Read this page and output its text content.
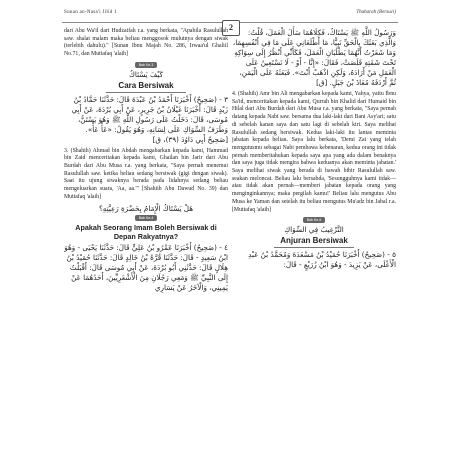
Sunan an-Nasa'i Jilid 1	Thaharah (Bersuci)
2

dari Abu Wa'il dari Hudzaifah r.a. yang berkata, "Apabila Rasulullah saw. shalat malam maka beliau menggosok mulutnya dengan siwak (terlebih dahulu)." [Sunan Ibnu Majah No. 286, Irwaa'ul Ghaliil No.71, dan Muttafaq 'alaih]

Bab Ke-3
كَيْفَ يَسْتَاكُ
Cara Bersiwak
٣ - (صَحِيحٌ) أَخْبَرَنَا أَحْمَدُ بْنُ عَبْدَةَ قَالَ: حَدَّثَنَا حَمَّادُ بْنُ زَيْدٍ قَالَ: أَخْبَرَنَا غَيْلَانُ بْنُ جَرِيرٍ، عَنْ أَبِي بُرْدَةَ، عَنْ أَبِي مُوسَى، قَالَ: دَخَلْتُ عَلَى رَسُولِ اللَّهِ ﷺ وَهُوَ يَسْتَنُّ، وَطَرَفُ السِّوَاكِ عَلَى لِسَانِهِ، وَهُوَ يَقُولُ: «عَأْ عَأْ». [صَحِيحٌ أَبِي دَاوُدَ (٣٩)، ق]

3. (Shahih) Ahmad bin Abdah mengabarkan kepada kami, Hammad bin Zaid menceritakan kepada kami, Ghailan bin Jarir dari Abu Burdah dari Abu Musa r.a. yang berkata, "Saya pernah menemui Rasulullah saw. ketika beliau sedang bersiwak (gigi dengan siwak). Saat itu ujung siwaknya berada pada lidahnya sedang beliau mengeluarkan suara, 'Aa, aa.'" [Shahiih Abu Dawud No. 39) dan Muttafaq 'alaih]

هَلْ يَسْتَاكُ الْإِمَامُ بِحَضْرَةِ رَعِيَّتِهِ؟
Bab Ke-4
Apakah Seorang Imam Boleh Bersiwak di Depan Rakyatnya?
٤ - (صَحِيحٌ) أَخْبَرَنَا عَمْرُو بْنُ عَلِيٍّ قَالَ: حَدَّثَنَا يَحْيَى - وَهُوَ ابْنُ سَعِيدٍ - قَالَ: حَدَّثَنَا قُرَّةُ بْنُ خَالِدٍ قَالَ: حَدَّثَنَا حُمَيْدُ بْنُ هِلَالٍ قَالَ: حَدَّثَنِي أَبُو بُرْدَةَ، عَنْ أَبِي مُوسَى قَالَ: أَقْبَلْتُ إِلَى النَّبِيِّ ﷺ وَمَعِي رَجُلَانِ مِنَ الْأَشْعَرِيِّينَ، أَحَدُهُمَا عَنْ يَمِينِي، وَالْآخَرُ عَنْ يَسَارِي
وَرَسُولُ اللَّهِ ﷺ يَسْتَاكُ، فَكِلَاهُمَا سَأَلَ الْعَمَلَ، قُلْتُ: وَالَّذِي بَعَثَكَ بِالْحَقِّ نَبِيًّا، مَا أَطْلَعَانِي عَلَى مَا فِي أَنْفُسِهِمَا، وَمَا شَعَرْتُ أَنَّهُمَا يَطْلُبَانِ الْعَمَلَ، فَكَأَنِّي أَنْظُرُ إِلَى سِوَاكِهِ تَحْتَ شَفَتِهِ قَلَصَتْ، فَقَالَ: «إِنَّا - أَوْ - لَا نَسْتَعِينُ عَلَى الْعَمَلِ مَنْ أَرَادَهُ، وَلَكِنِ اذْهَبْ أَنْتَ». فَبَعَثَهُ عَلَى الْيَمَنِ، ثُمَّ أَرْدَفَهُ مُعَاذَ بْنَ جَبَلٍ. [ق]

4. (Shahih) Amr bin Ali mengabarkan kepada kami, Yahya, yaitu Ibnu Sa'id, menceritakan kepada kami, Qurrah bin Khalid dari Humaid bin Hilal dari Abu Burdah dari Abu Musa r.a. yang berkata, "Saya pernah datang kepada Nabi saw. bersama dua laki-laki dari Bani Asy'ari; satu di sebelah kanan saya dan satu lagi di sebelah kiri. Saya melihat Rasulullah sedang bersiwak. Kedua laki-laki itu lantas meminta jabatan kepada beliau. Saya lalu berkata, 'Demi Zat yang telah mengutusmu sebagai Nabi pembawa kebenaran, kedua orang ini tidak pernah memberitahukan kepada saya apa yang ada dalam benaknya dan saya juga tidak mengira bahwa keduanya akan meminta jabatan.' Saya melihat siwak yang berada di bawah bibir Rasulullah saw. seakan meloncat. Beliau lalu bersabda, 'Sesungguhnya kami tidak—atau tidak akan pernah—memberi jabatan kepada orang yang menginginkannya; maka pergilah kamu!' Beliau lalu mengutus Abu Musa ke Yaman dan setelah itu beliau mengutus Mu'adz bin Jabal r.a. [Muttafaq 'alaih]

Bab Ke-5
التَّرْغِيبُ فِي السِّوَاكِ
Anjuran Bersiwak
٥ - (صَحِيحٌ) أَخْبَرَنَا حُمَيْدُ بْنُ مَسْعَدَةَ وَمُحَمَّدُ بْنُ عَبْدِ الْأَعْلَى، عَنْ يَزِيدَ - وَهُوَ ابْنُ زُرَيْعٍ - قَالَ:
